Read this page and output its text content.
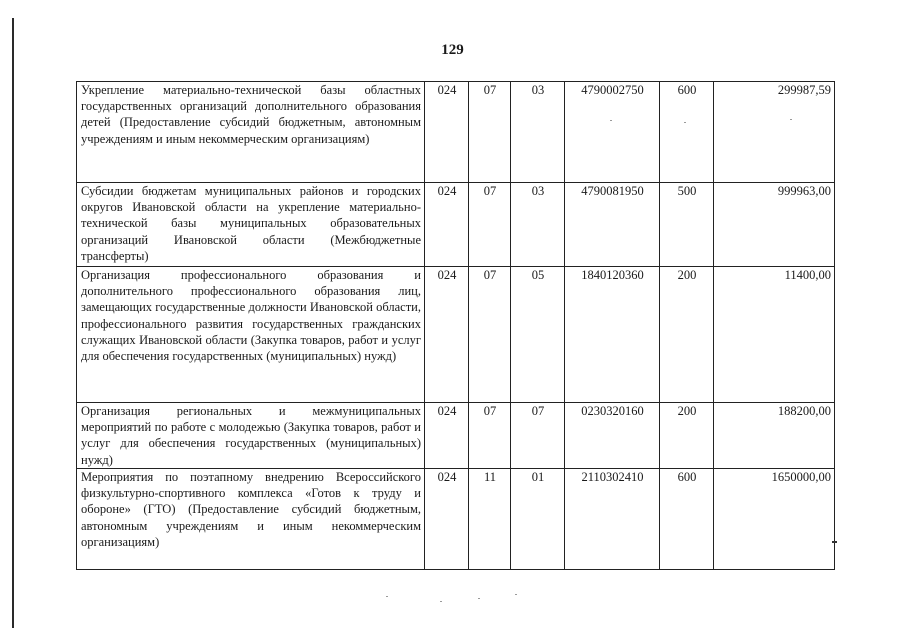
129
Укрепление материально-технической базы областных государственных организаций дополнительного образования детей (Предоставление субсидий бюджетным, автономным учреждениям и иным некоммерческим организациям)	024	07	03	4790002750	600	299987,59
Субсидии бюджетам муниципальных районов и городских округов Ивановской области на укрепление материально-технической базы муниципальных образовательных организаций Ивановской области (Межбюджетные трансферты)	024	07	03	4790081950	500	999963,00
Организация профессионального образования и дополнительного профессионального образования лиц, замещающих государственные должности Ивановской области, профессионального развития государственных гражданских служащих Ивановской области (Закупка товаров, работ и услуг для обеспечения государственных (муниципальных) нужд)	024	07	05	1840120360	200	11400,00
Организация региональных и межмуниципальных мероприятий по работе с молодежью (Закупка товаров, работ и услуг для обеспечения государственных (муниципальных) нужд)	024	07	07	0230320160	200	188200,00
Мероприятия по поэтапному внедрению Всероссийского физкультурно-спортивного комплекса «Готов к труду и обороне» (ГТО) (Предоставление субсидий бюджетным, автономным учреждениям и иным некоммерческим организациям)	024	11	01	2110302410	600	1650000,00
